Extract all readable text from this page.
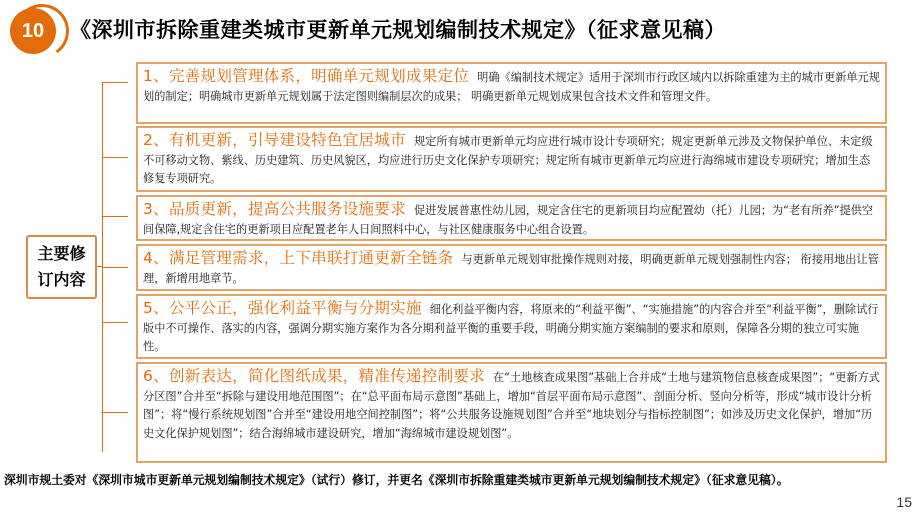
10	《深圳市拆除重建类城市更新单元规划编制技术规定》（征求意见稿）
主要修订内容
1、完善规划管理体系，明确单元规划成果定位 明确《编制技术规定》适用于深圳市行政区域内以拆除重建为主的城市更新单元规划的制定；明确城市更新单元规划属于法定图则编制层次的成果； 明确更新单元规划成果包含技术文件和管理文件。
2、有机更新，引导建设特色宜居城市 规定所有城市更新单元均应进行城市设计专项研究；规定更新单元涉及文物保护单位、未定级不可移动文物、紫线、历史建筑、历史风貌区，均应进行历史文化保护专项研究；规定所有城市更新单元均应进行海绵城市建设专项研究；增加生态修复专项研究。
3、品质更新，提高公共服务设施要求 促进发展普惠性幼儿园，规定含住宅的更新项目均应配置幼（托）儿园；为“老有所养”提供空间保障,规定含住宅的更新项目应配置老年人日间照料中心，与社区健康服务中心组合设置。
4、满足管理需求，上下串联打通更新全链条 与更新单元规划审批操作规则对接，明确更新单元规划强制性内容； 衔接用地出让管理，新增用地章节。
5、公平公正，强化利益平衡与分期实施 细化利益平衡内容，将原来的“利益平衡”、“实施措施”的内容合并至“利益平衡”，删除试行版中不可操作、落实的内容，强调分期实施方案作为各分期利益平衡的重要手段，明确分期实施方案编制的要求和原则，保障各分期的独立可实施性。
6、创新表达，简化图纸成果，精准传递控制要求 在“土地核查成果图”基础上合并成“土地与建筑物信息核查成果图”；“更新方式分区图”合并至“拆除与建设用地范围图”；在“总平面布局示意图”基础上，增加“首层平面布局示意图”、剖面分析、竖向分析等，形成“城市设计分析图”；将“慢行系统规划图”合并至“建设用地空间控制图”；将“公共服务设施规划图”合并至“地块划分与指标控制图”；如涉及历史文化保护，增加“历史文化保护规划图”；结合海绵城市建设研究，增加“海绵城市建设规划图”。
深圳市规土委对《深圳市城市更新单元规划编制技术规定》（试行）修订，并更名《深圳市拆除重建类城市更新单元规划编制技术规定》（征求意见稿）。
15
